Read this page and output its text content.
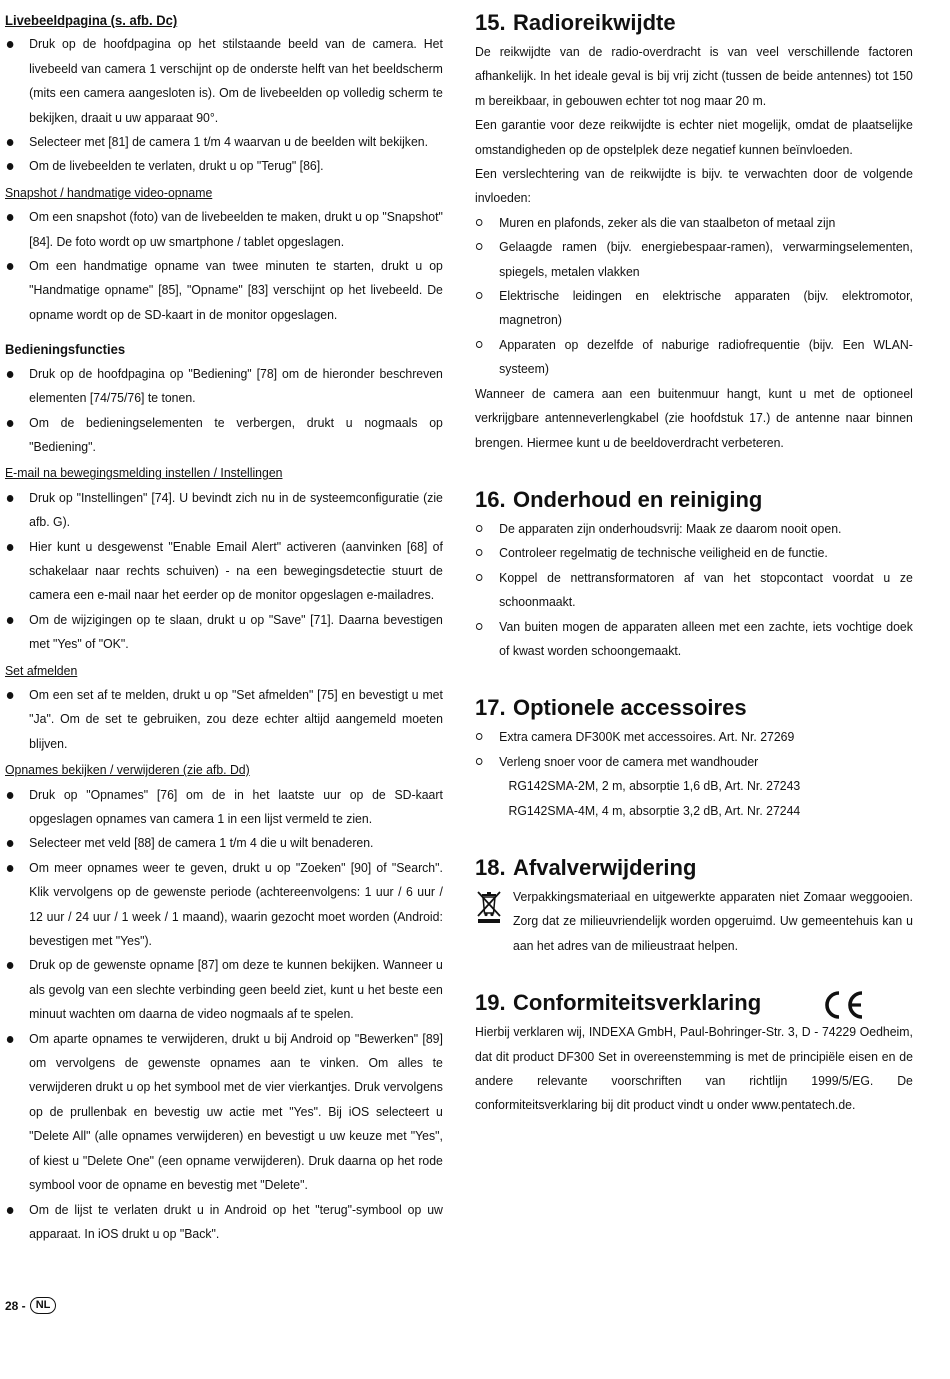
Livebeeldpagina (s. afb. Dc)
Druk op de hoofdpagina op het stilstaande beeld van de camera. Het livebeeld van camera 1 verschijnt op de onderste helft van het beeldscherm (mits een camera aangesloten is). Om de livebeelden op volledig scherm te bekijken, draait u uw apparaat 90°.
Selecteer met [81] de camera 1 t/m 4 waarvan u de beelden wilt bekijken.
Om de livebeelden te verlaten, drukt u op "Terug" [86].
Snapshot / handmatige video-opname
Om een snapshot (foto) van de livebeelden te maken, drukt u op "Snapshot" [84]. De foto wordt op uw smartphone / tablet opgeslagen.
Om een handmatige opname van twee minuten te starten, drukt u op "Handmatige opname" [85], "Opname" [83] verschijnt op het livebeeld. De opname wordt op de SD-kaart in de monitor opgeslagen.
Bedieningsfuncties
Druk op de hoofdpagina op "Bediening" [78] om de hieronder beschreven elementen [74/75/76] te tonen.
Om de bedieningselementen te verbergen, drukt u nogmaals op "Bediening".
E-mail na bewegingsmelding instellen / Instellingen
Druk op "Instellingen" [74]. U bevindt zich nu in de systeemconfiguratie (zie afb. G).
Hier kunt u desgewenst "Enable Email Alert" activeren (aanvinken [68] of schakelaar naar rechts schuiven) - na een bewegingsdetectie stuurt de camera een e-mail naar het eerder op de monitor opgeslagen e-mailadres.
Om de wijzigingen op te slaan, drukt u op "Save" [71]. Daarna bevestigen met "Yes" of "OK".
Set afmelden
Om een set af te melden, drukt u op "Set afmelden" [75] en bevestigt u met "Ja". Om de set te gebruiken, zou deze echter altijd aangemeld moeten blijven.
Opnames bekijken / verwijderen (zie afb. Dd)
Druk op "Opnames" [76] om de in het laatste uur op de SD-kaart opgeslagen opnames van camera 1 in een lijst vermeld te zien.
Selecteer met veld [88] de camera 1 t/m 4 die u wilt benaderen.
Om meer opnames weer te geven, drukt u op "Zoeken" [90] of "Search". Klik vervolgens op de gewenste periode (achtereenvolgens: 1 uur / 6 uur / 12 uur / 24 uur / 1 week / 1 maand), waarin gezocht moet worden (Android: bevestigen met "Yes").
Druk op de gewenste opname [87] om deze te kunnen bekijken. Wanneer u als gevolg van een slechte verbinding geen beeld ziet, kunt u het beste een minuut wachten om daarna de video nogmaals af te spelen.
Om aparte opnames te verwijderen, drukt u bij Android op "Bewerken" [89] om vervolgens de gewenste opnames aan te vinken. Om alles te verwijderen drukt u op het symbool met de vier vierkantjes. Druk vervolgens op de prullenbak en bevestig uw actie met "Yes". Bij iOS selecteert u "Delete All" (alle opnames verwijderen) en bevestigt u uw keuze met "Yes", of kiest u "Delete One" (een opname verwijderen). Druk daarna op het rode symbool voor de opname en bevestig met "Delete".
Om de lijst te verlaten drukt u in Android op het "terug"-symbool op uw apparaat. In iOS drukt u op "Back".
15. Radioreikwijdte
De reikwijdte van de radio-overdracht is van veel verschillende factoren afhankelijk. In het ideale geval is bij vrij zicht (tussen de beide antennes) tot 150 m bereikbaar, in gebouwen echter tot nog maar 20 m.
Een garantie voor deze reikwijdte is echter niet mogelijk, omdat de plaatselijke omstandigheden op de opstelplek deze negatief kunnen beïnvloeden.
Een verslechtering van de reikwijdte is bijv. te verwachten door de volgende invloeden:
Muren en plafonds, zeker als die van staalbeton of metaal zijn
Gelaagde ramen (bijv. energiebespaar-ramen), verwarmingselementen, spiegels, metalen vlakken
Elektrische leidingen en elektrische apparaten (bijv. elektromotor, magnetron)
Apparaten op dezelfde of naburige radiofrequentie (bijv. Een WLAN-systeem)
Wanneer de camera aan een buitenmuur hangt, kunt u met de optioneel verkrijgbare antenneverlengkabel (zie hoofdstuk 17.) de antenne naar binnen brengen. Hiermee kunt u de beeldoverdracht verbeteren.
16. Onderhoud en reiniging
De apparaten zijn onderhoudsvrij: Maak ze daarom nooit open.
Controleer regelmatig de technische veiligheid en de functie.
Koppel de nettransformatoren af van het stopcontact voordat u ze schoonmaakt.
Van buiten mogen de apparaten alleen met een zachte, iets vochtige doek of kwast worden schoongemaakt.
17. Optionele accessoires
Extra camera DF300K met accessoires. Art. Nr. 27269
Verleng snoer voor de camera met wandhouder
RG142SMA-2M, 2 m, absorptie 1,6 dB, Art. Nr. 27243
RG142SMA-4M, 4 m, absorptie 3,2 dB, Art. Nr. 27244
18. Afvalverwijdering
Verpakkingsmateriaal en uitgewerkte apparaten niet Zomaar weggooien. Zorg dat ze milieuvriendelijk worden opgeruimd. Uw gemeentehuis kan u aan het adres van de milieustraat helpen.
19. Conformiteitsverklaring
Hierbij verklaren wij, INDEXA GmbH, Paul-Bohringer-Str. 3, D - 74229 Oedheim, dat dit product DF300 Set in overeenstemming is met de principiële eisen en de andere relevante voorschriften van richtlijn 1999/5/EG. De conformiteitsverklaring bij dit product vindt u onder www.pentatech.de.
28 - NL
